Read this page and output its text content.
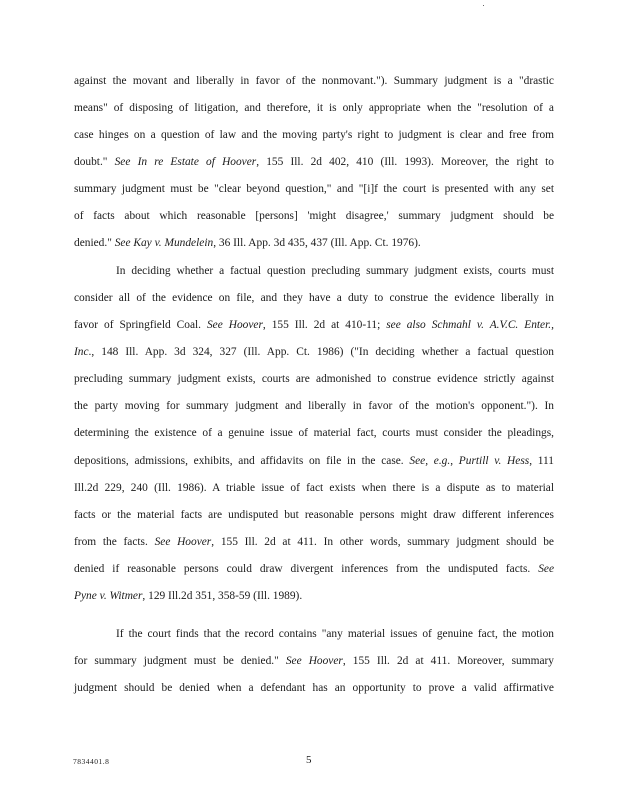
against the movant and liberally in favor of the nonmovant."). Summary judgment is a "drastic
means" of disposing of litigation, and therefore, it is only appropriate when the "resolution of a
case hinges on a question of law and the moving party's right to judgment is clear and free from
doubt." See In re Estate of Hoover, 155 Ill. 2d 402, 410 (Ill. 1993). Moreover, the right to
summary judgment must be "clear beyond question," and "[i]f the court is presented with any set
of facts about which reasonable [persons] 'might disagree,' summary judgment should be
denied." See Kay v. Mundelein, 36 Ill. App. 3d 435, 437 (Ill. App. Ct. 1976).
In deciding whether a factual question precluding summary judgment exists, courts must
consider all of the evidence on file, and they have a duty to construe the evidence liberally in
favor of Springfield Coal. See Hoover, 155 Ill. 2d at 410-11; see also Schmahl v. A.V.C. Enter.,
Inc., 148 Ill. App. 3d 324, 327 (Ill. App. Ct. 1986) ("In deciding whether a factual question
precluding summary judgment exists, courts are admonished to construe evidence strictly against
the party moving for summary judgment and liberally in favor of the motion's opponent."). In
determining the existence of a genuine issue of material fact, courts must consider the pleadings,
depositions, admissions, exhibits, and affidavits on file in the case. See, e.g., Purtill v. Hess, 111
Ill.2d 229, 240 (Ill. 1986). A triable issue of fact exists when there is a dispute as to material
facts or the material facts are undisputed but reasonable persons might draw different inferences
from the facts. See Hoover, 155 Ill. 2d at 411. In other words, summary judgment should be
denied if reasonable persons could draw divergent inferences from the undisputed facts. See
Pyne v. Witmer, 129 Ill.2d 351, 358-59 (Ill. 1989).
If the court finds that the record contains "any material issues of genuine fact, the motion
for summary judgment must be denied." See Hoover, 155 Ill. 2d at 411. Moreover, summary
judgment should be denied when a defendant has an opportunity to prove a valid affirmative
7834401.8	5
